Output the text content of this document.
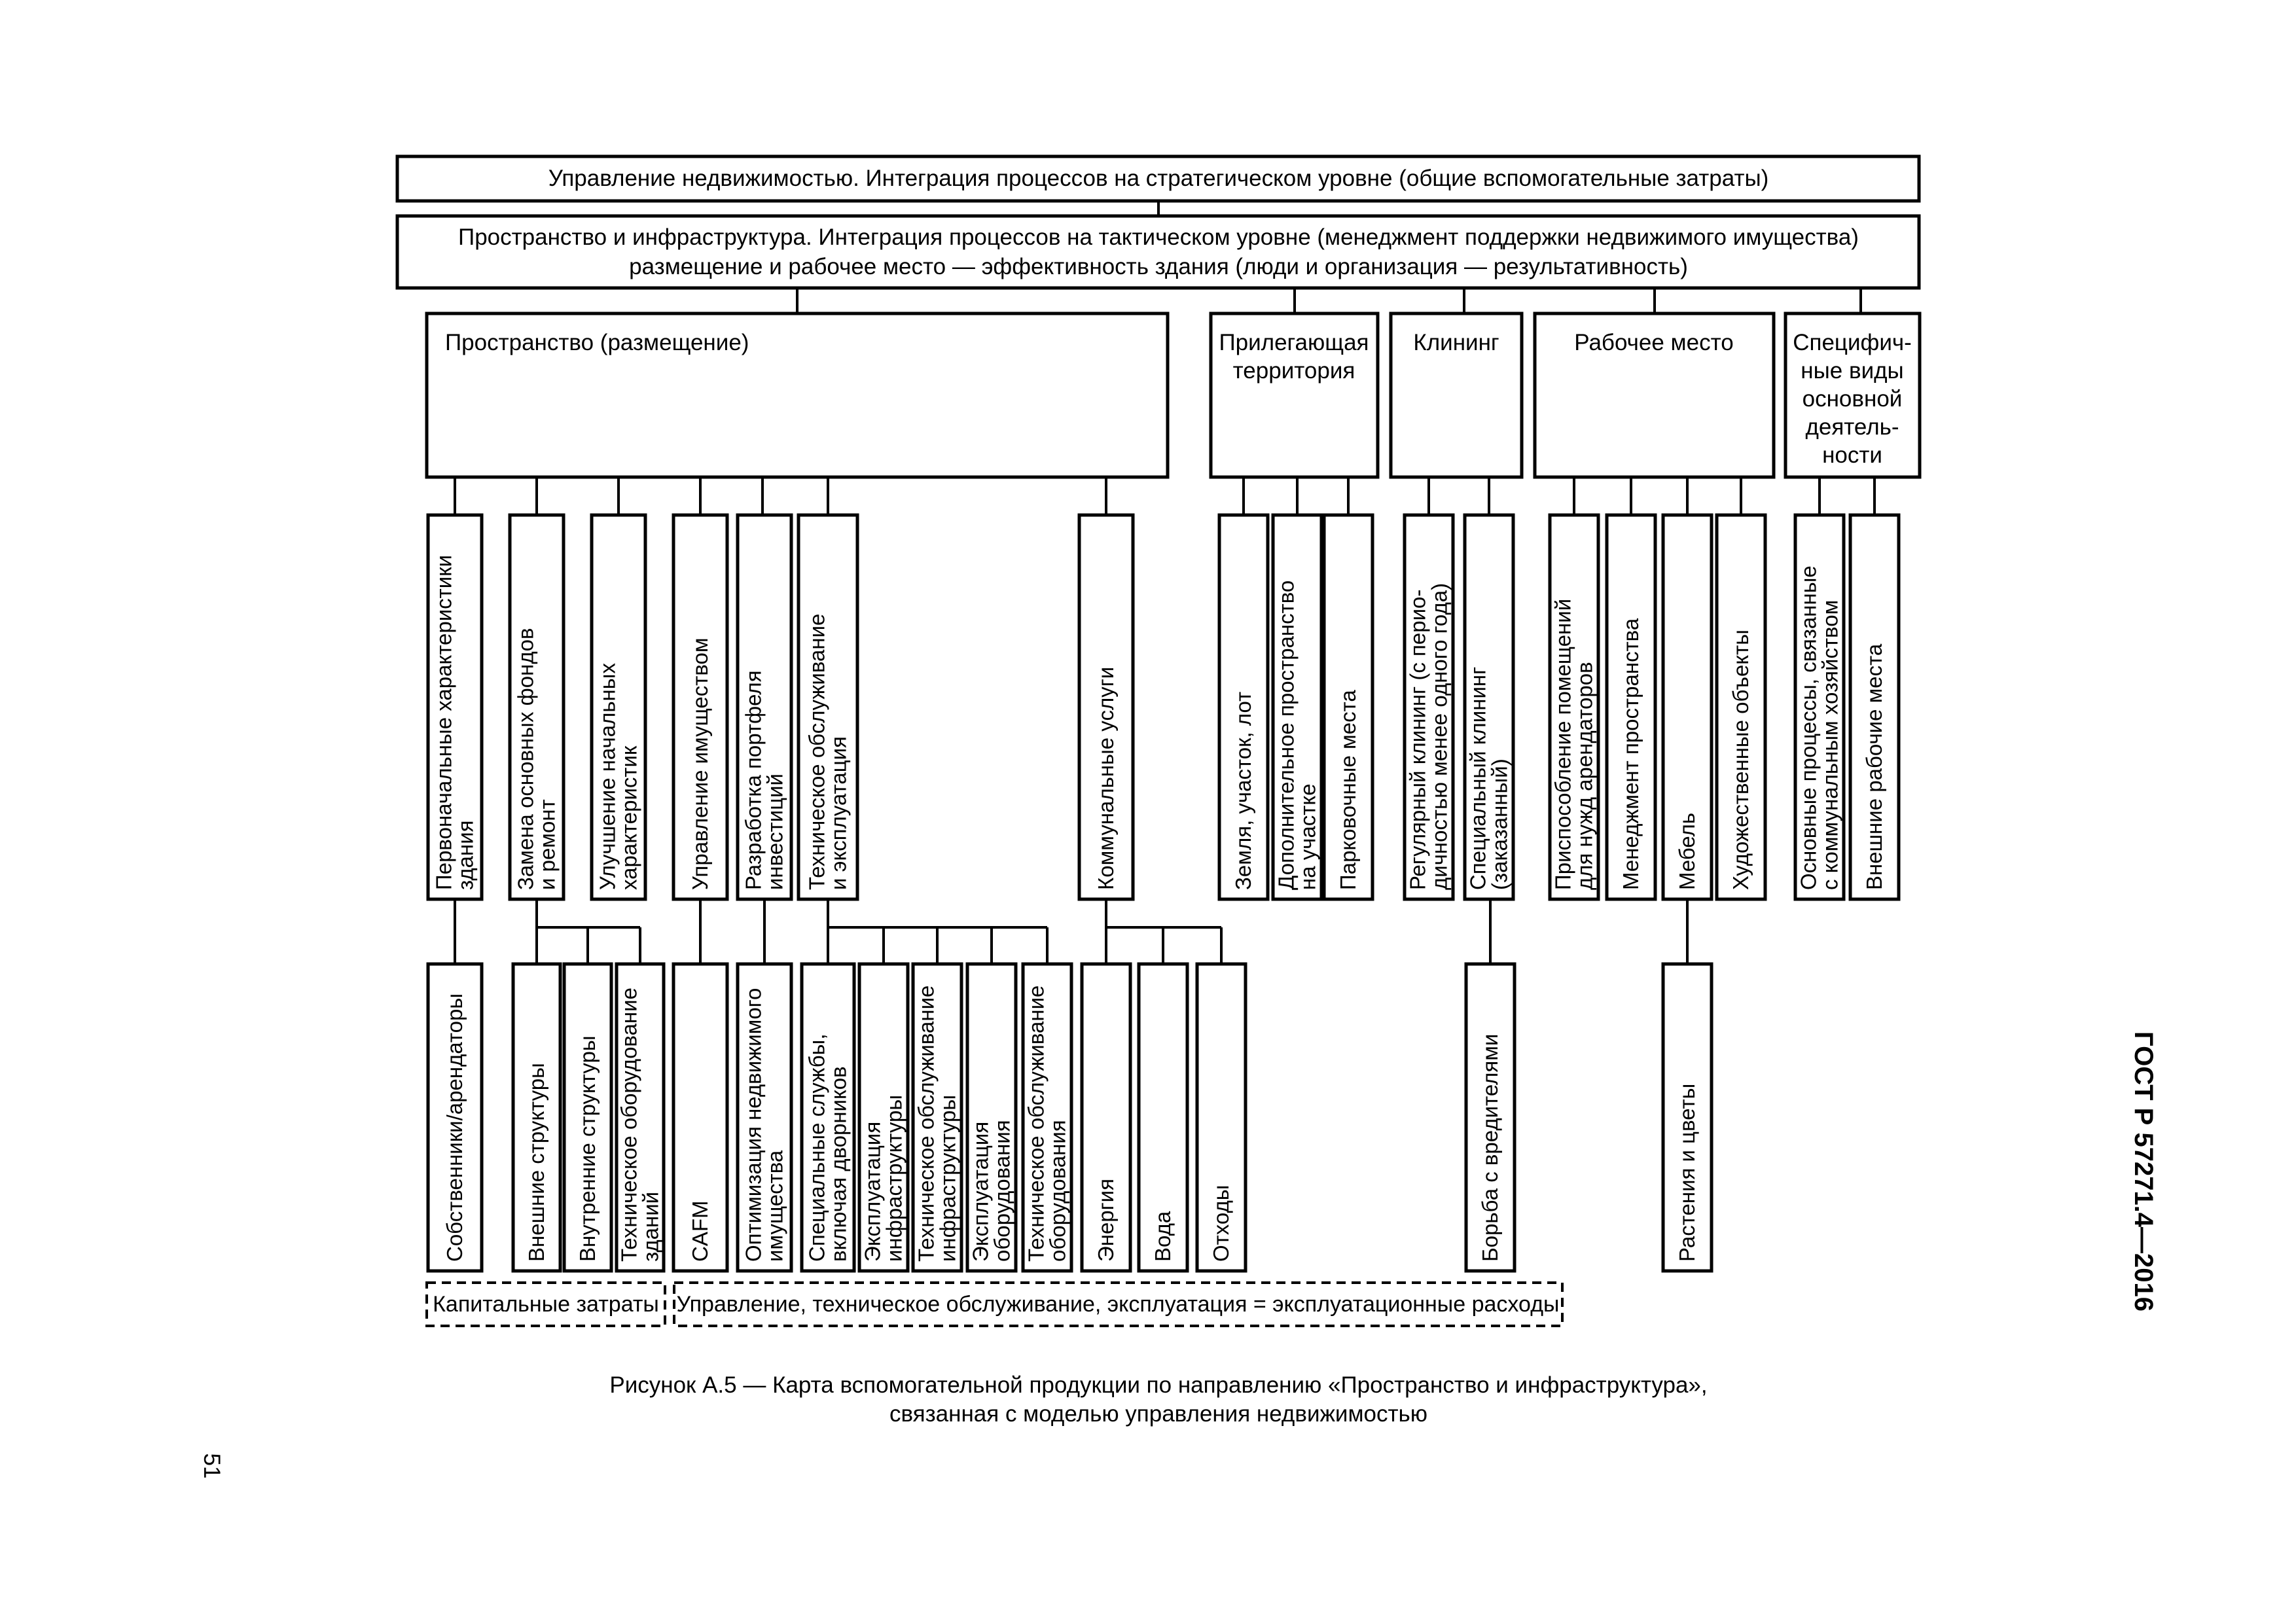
Управление недвижимостью. Интеграция процессов на стратегическом уровне (общие вспомогательные затраты)
Пространство и инфраструктура. Интеграция процессов на тактическом уровне (менеджмент поддержки недвижимого имущества)
размещение и рабочее место — эффективность здания (люди и организация — результативность)
Пространство (размещение)	Прилегающая
территория
Клининг	Рабочее место	Специфич-
ные виды
основной
деятель-
ности
Первоначальные характеристики
здания Замена основных фондов
и ремонт Улучшение начальных
характеристик Управление имуществом Разработка портфеля
инвестиций Техническое обслуживание
и эксплуатация	Коммунальные услуги	Земля, участок, лот Дополнительное пространство
на участке Парковочные места Регулярный клининг (с перио-
дичностью менее одного года) Специальный клининг
(заказанный) Приспособление помещений
для нужд арендаторов Менеджмент пространства Мебель Художественные объекты Основные процессы, связанные
с коммунальным хозяйством Внешние рабочие места
Собственники/арендаторы	Внешние структуры Внутренние структуры Техническое оборудование
зданий CAFM Оптимизация недвижимого
имущества Специальные службы,
включая дворников Эксплуатация
инфраструктуры Техническое обслуживание
инфраструктуры Эксплуатация
оборудования Техническое обслуживание
оборудования Энергия Вода Отходы	Борьба с вредителями	Растения и цветы
Капитальные затраты Управление, техническое обслуживание, эксплуатация = эксплуатационные расходы
Рисунок А.5 — Карта вспомогательной продукции по направлению «Пространство и инфраструктура»,
связанная с моделью управления недвижимостью
ГОСТ Р 57271.4—2016
51
